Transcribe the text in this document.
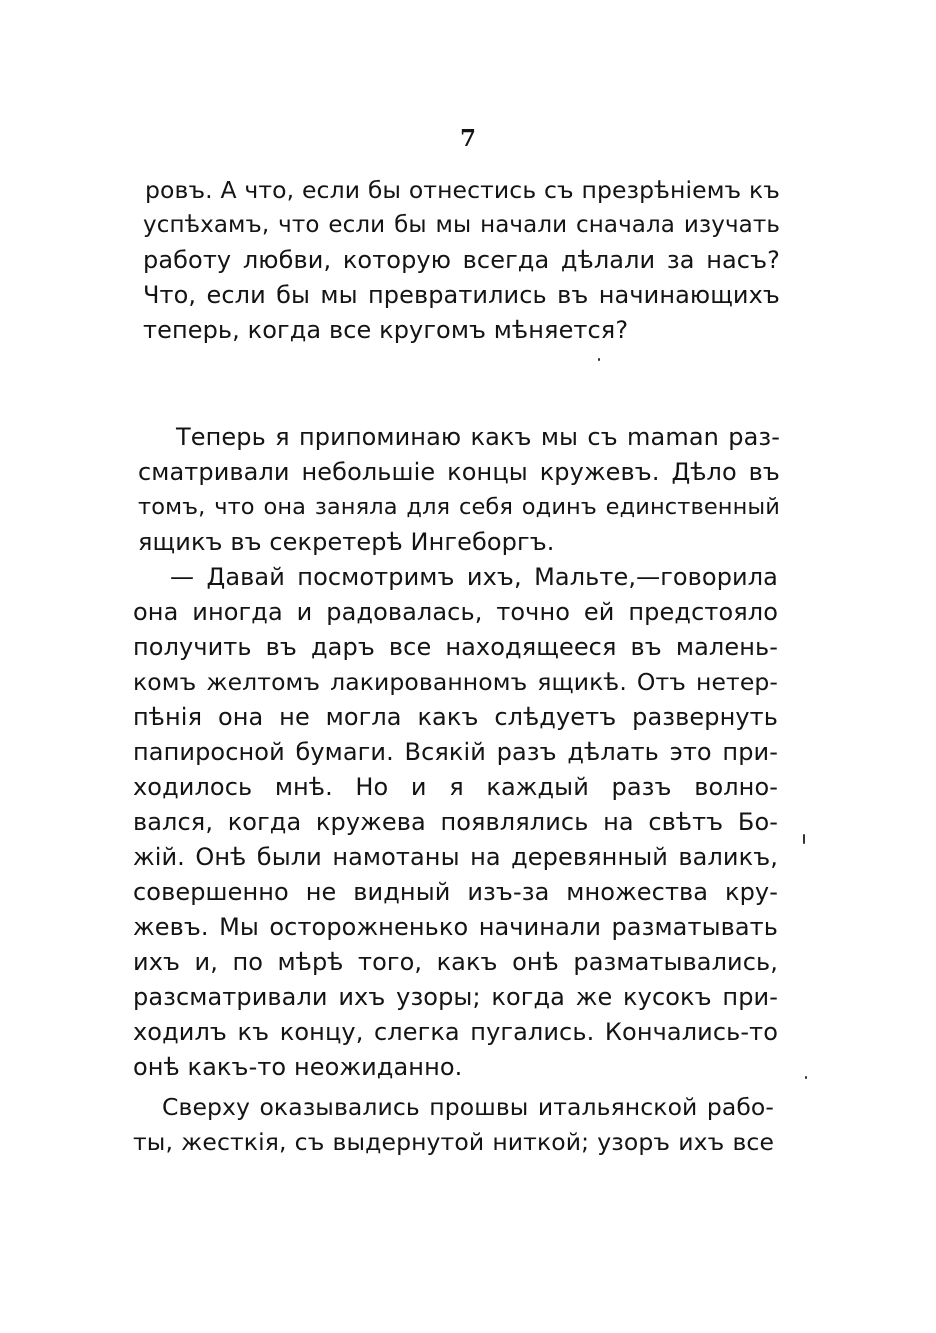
7

ровъ. А что, если бы отнестись съ презрѣніемъ къ

успѣхамъ, что если бы мы начали сначала изучать

работу любви, которую всегда дѣлали за насъ?

Что, если бы мы превратились въ начинающихъ

теперь, когда все кругомъ мѣняется?

Теперь я припоминаю какъ мы съ maman раз-

сматривали небольшіе концы кружевъ. Дѣло въ

томъ, что она заняла для себя одинъ единственный

ящикъ въ секретерѣ Ингеборгъ.

— Давай посмотримъ ихъ, Мальте,—говорила

она иногда и радовалась, точно ей предстояло

получить въ даръ все находящееся въ малень-

комъ желтомъ лакированномъ ящикѣ. Отъ нетер-

пѣнія она не могла какъ слѣдуетъ развернуть

папиросной бумаги. Всякій разъ дѣлать это при-

ходилось мнѣ. Но и я каждый разъ волно-

вался, когда кружева появлялись на свѣтъ Бо-

жій. Онѣ были намотаны на деревянный валикъ,

совершенно не видный изъ-за множества кру-

жевъ. Мы осторожненько начинали разматывать

ихъ и, по мѣрѣ того, какъ онѣ разматывались,

разсматривали ихъ узоры; когда же кусокъ при-

ходилъ къ концу, слегка пугались. Кончались-то

онѣ какъ-то неожиданно.

Сверху оказывались прошвы итальянской рабо-

ты, жесткія, съ выдернутой ниткой; узоръ ихъ все
